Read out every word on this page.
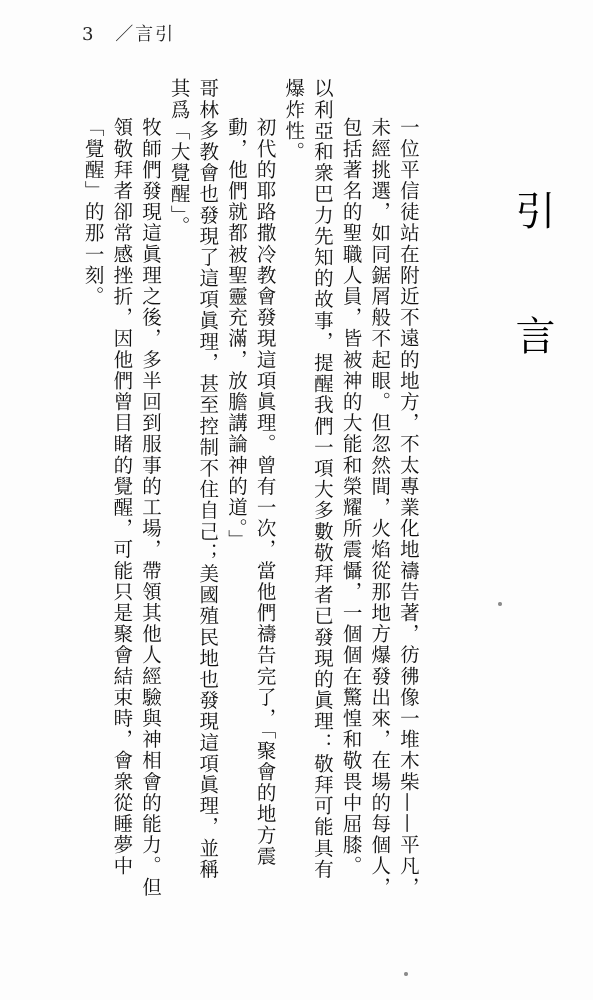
3 ／言引
引 言

一位平信徒站在附近不遠的地方，不太專業化地禱告著，彷彿像一堆木柴——平凡，未經挑選，如同鋸屑般不起眼。但忽然間，火焰從那地方爆發出來，在場的每個人，包括著名的聖職人員，皆被神的大能和榮耀所震懾，一個個在驚惶和敬畏中屈膝。

以利亞和衆巴力先知的故事，提醒我們一項大多數敬拜者已發現的眞理：敬拜可能具有爆炸性。

初代的耶路撒冷教會發現這項眞理。曾有一次，當他們禱告完了，「聚會的地方震動，他們就都被聖靈充滿，放膽講論神的道。」

哥林多教會也發現了這項眞理，甚至控制不住自己；美國殖民地也發現這項眞理，並稱其爲「大覺醒」。

牧師們發現這眞理之後，多半回到服事的工場，帶領其他人經驗與神相會的能力。但領敬拜者卻常感挫折，因他們曾目睹的覺醒，可能只是聚會結束時，會衆從睡夢中「覺醒」的那一刻。
